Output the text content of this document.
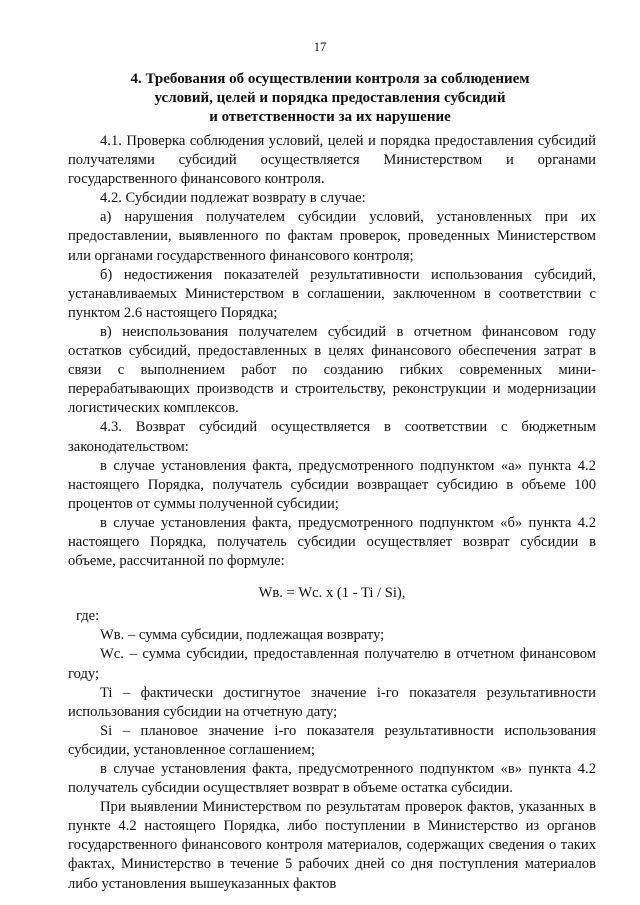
17
4. Требования об осуществлении контроля за соблюдением
условий, целей и порядка предоставления субсидий
и ответственности за их нарушение

4.1. Проверка соблюдения условий, целей и порядка предоставления субсидий получателями субсидий осуществляется Министерством и органами государственного финансового контроля.

4.2. Субсидии подлежат возврату в случае:

а) нарушения получателем субсидии условий, установленных при их предоставлении, выявленного по фактам проверок, проведенных Министерством или органами государственного финансового контроля;

б) недостижения показателей результативности использования субсидий, устанавливаемых Министерством в соглашении, заключенном в соответствии с пунктом 2.6 настоящего Порядка;

в) неиспользования получателем субсидий в отчетном финансовом году остатков субсидий, предоставленных в целях финансового обеспечения затрат в связи с выполнением работ по созданию гибких современных мини-перерабатывающих производств и строительству, реконструкции и модернизации логистических комплексов.

4.3. Возврат субсидий осуществляется в соответствии с бюджетным законодательством:

в случае установления факта, предусмотренного подпунктом «а» пункта 4.2 настоящего Порядка, получатель субсидии возвращает субсидию в объеме 100 процентов от суммы полученной субсидии;

в случае установления факта, предусмотренного подпунктом «б» пункта 4.2 настоящего Порядка, получатель субсидии осуществляет возврат субсидии в объеме, рассчитанной по формуле:

Wв. = Wс. x (1 - Ti / Si),

где:

Wв. – сумма субсидии, подлежащая возврату;

Wс. – сумма субсидии, предоставленная получателю в отчетном финансовом году;

Ti – фактически достигнутое значение i-го показателя результативности использования субсидии на отчетную дату;

Si – плановое значение i-го показателя результативности использования субсидии, установленное соглашением;

в случае установления факта, предусмотренного подпунктом «в» пункта 4.2 получатель субсидии осуществляет возврат в объеме остатка субсидии.

При выявлении Министерством по результатам проверок фактов, указанных в пункте 4.2 настоящего Порядка, либо поступлении в Министерство из органов государственного финансового контроля материалов, содержащих сведения о таких фактах, Министерство в течение 5 рабочих дней со дня поступления материалов либо установления вышеуказанных фактов
